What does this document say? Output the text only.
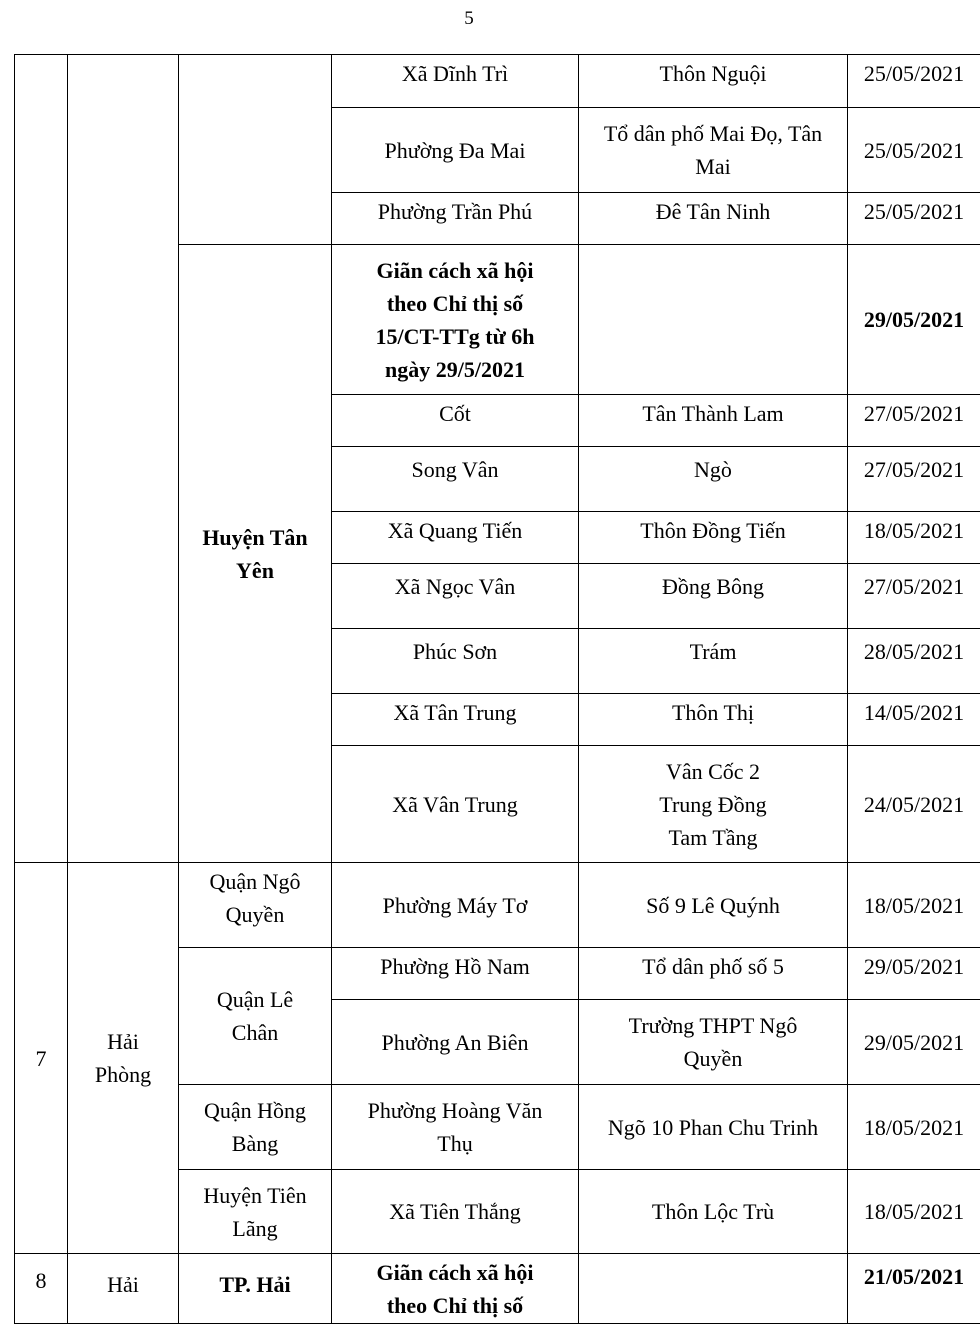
5
			Xã Dĩnh Trì	Thôn Nguội	25/05/2021
			Phường Đa Mai	Tổ dân phố Mai Đọ, Tân
Mai	25/05/2021
			Phường Trần Phú	Đê Tân Ninh	25/05/2021

		Huyện Tân
Yên	Giãn cách xã hội
theo Chỉ thị số
15/CT-TTg từ 6h
ngày 29/5/2021		29/05/2021
			Cốt	Tân Thành Lam	27/05/2021
			Song Vân	Ngò	27/05/2021
			Xã Quang Tiến	Thôn Đồng Tiến	18/05/2021
			Xã Ngọc Vân	Đồng Bông	27/05/2021
			Phúc Sơn	Trám	28/05/2021
			Xã Tân Trung	Thôn Thị	14/05/2021
			Xã Vân Trung	Vân Cốc 2
Trung Đồng
Tam Tầng	24/05/2021
7	Hải
Phòng	Quận Ngô
Quyền	Phường Máy Tơ	Số 9 Lê Quýnh	18/05/2021

		Quận Lê
Chân	Phường Hồ Nam	Tổ dân phố số 5	29/05/2021
			Phường An Biên	Trường THPT Ngô
Quyền	29/05/2021

		Quận Hồng
Bàng	Phường Hoàng Văn
Thụ	Ngõ 10 Phan Chu Trinh	18/05/2021

		Huyện Tiên
Lãng	Xã Tiên Thắng	Thôn Lộc Trù	18/05/2021
8	Hải	TP. Hải	Giãn cách xã hội
theo Chỉ thị số		21/05/2021
